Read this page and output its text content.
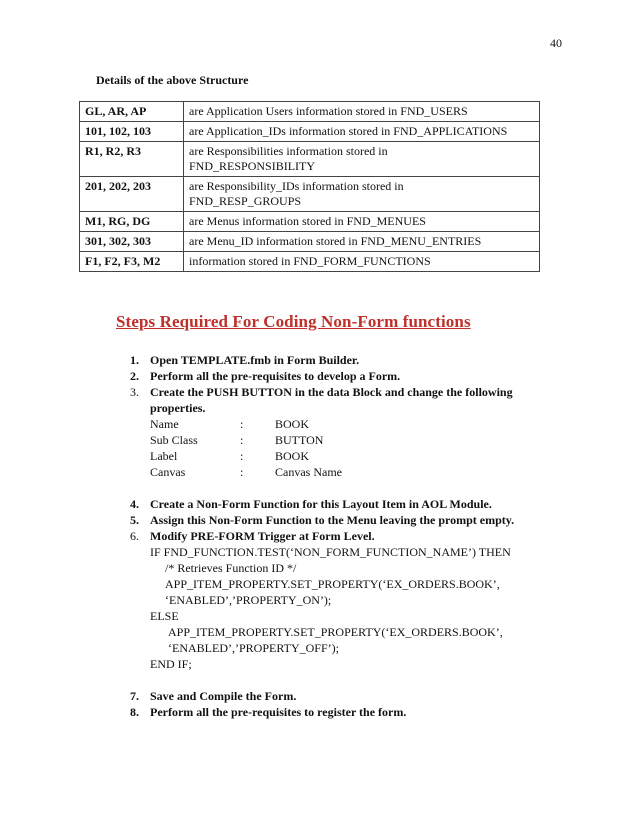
40
Details of the above Structure
GL, AR, AP	are Application Users information stored in FND_USERS
101, 102, 103	are Application_IDs information stored in FND_APPLICATIONS
R1, R2, R3	are Responsibilities information stored in
FND_RESPONSIBILITY

201, 202, 203	are Responsibility_IDs information stored in
FND_RESP_GROUPS

M1, RG, DG	are Menus information stored in FND_MENUES
301, 302, 303	are Menu_ID information stored in FND_MENU_ENTRIES
F1, F2, F3, M2	information stored in FND_FORM_FUNCTIONS
Steps Required For Coding Non-Form functions
1. Open TEMPLATE.fmb in Form Builder.
2. Perform all the pre-requisites to develop a Form.
3. Create the PUSH BUTTON in the data Block and change the following properties.
Name	:	BOOK
Sub Class	:	BUTTON
Label	:	BOOK
Canvas	:	Canvas Name
4. Create a Non-Form Function for this Layout Item in AOL Module.
5. Assign this Non-Form Function to the Menu leaving the prompt empty.
6. Modify PRE-FORM Trigger at Form Level.
IF FND_FUNCTION.TEST(‘NON_FORM_FUNCTION_NAME’) THEN
/* Retrieves Function ID */
APP_ITEM_PROPERTY.SET_PROPERTY(‘EX_ORDERS.BOOK’,
‘ENABLED’,’PROPERTY_ON’);
ELSE
APP_ITEM_PROPERTY.SET_PROPERTY(‘EX_ORDERS.BOOK’,
‘ENABLED’,’PROPERTY_OFF’);
END IF;
7. Save and Compile the Form.
8. Perform all the pre-requisites to register the form.
